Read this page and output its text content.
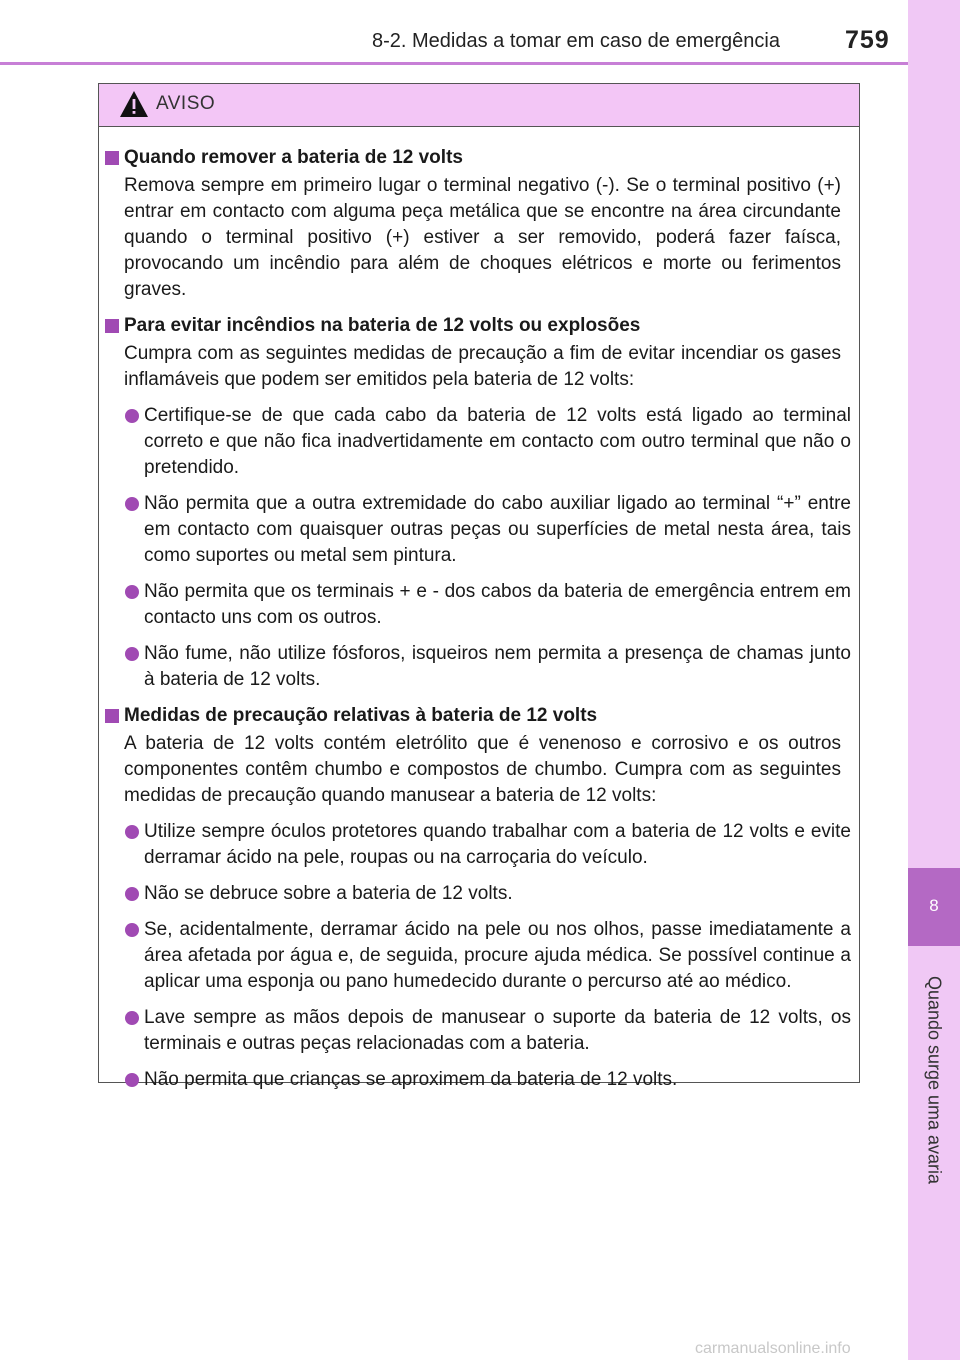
8-2. Medidas a tomar em caso de emergência	759
8
Quando surge uma avaria
AVISO
Quando remover a bateria de 12 volts
Remova sempre em primeiro lugar o terminal negativo (-). Se o terminal positivo (+) entrar em contacto com alguma peça metálica que se encontre na área circundante quando o terminal positivo (+) estiver a ser removido, poderá fazer faísca, provocando um incêndio para além de choques elétricos e morte ou ferimentos graves.
Para evitar incêndios na bateria de 12 volts ou explosões
Cumpra com as seguintes medidas de precaução a fim de evitar incendiar os gases inflamáveis que podem ser emitidos pela bateria de 12 volts:
Certifique-se de que cada cabo da bateria de 12 volts está ligado ao terminal correto e que não fica inadvertidamente em contacto com outro terminal que não o pretendido.
Não permita que a outra extremidade do cabo auxiliar ligado ao terminal “+” entre em contacto com quaisquer outras peças ou superfícies de metal nesta área, tais como suportes ou metal sem pintura.
Não permita que os terminais + e - dos cabos da bateria de emergência entrem em contacto uns com os outros.
Não fume, não utilize fósforos, isqueiros nem permita a presença de chamas junto à bateria de 12 volts.
Medidas de precaução relativas à bateria de 12 volts
A bateria de 12 volts contém eletrólito que é venenoso e corrosivo e os outros componentes contêm chumbo e compostos de chumbo. Cumpra com as seguintes medidas de precaução quando manusear a bateria de 12 volts:
Utilize sempre óculos protetores quando trabalhar com a bateria de 12 volts e evite derramar ácido na pele, roupas ou na carroçaria do veículo.
Não se debruce sobre a bateria de 12 volts.
Se, acidentalmente, derramar ácido na pele ou nos olhos, passe imediatamente a área afetada por água e, de seguida, procure ajuda médica. Se possível continue a aplicar uma esponja ou pano humedecido durante o percurso até ao médico.
Lave sempre as mãos depois de manusear o suporte da bateria de 12 volts, os terminais e outras peças relacionadas com a bateria.
Não permita que crianças se aproximem da bateria de 12 volts.
carmanualsonline.info
